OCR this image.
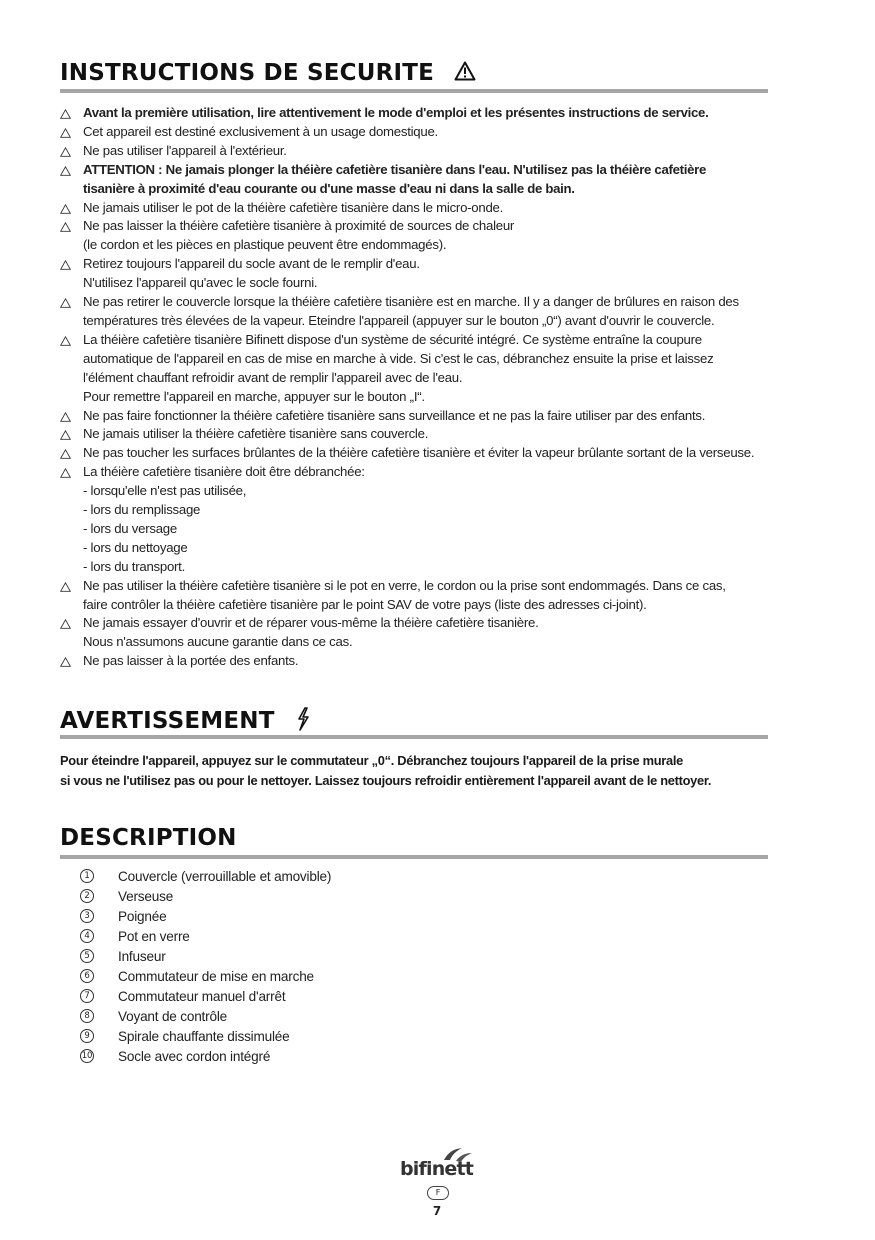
INSTRUCTIONS DE SECURITE
Avant la première utilisation, lire attentivement le mode d'emploi et les présentes instructions de service.
Cet appareil est destiné exclusivement à un usage domestique.
Ne pas utiliser l'appareil à l'extérieur.
ATTENTION : Ne jamais plonger la théière cafetière tisanière dans l'eau. N'utilisez pas la théière cafetière
tisanière à proximité d'eau courante ou d'une masse d'eau ni dans la salle de bain.
Ne jamais utiliser le pot de la théière cafetière tisanière dans le micro-onde.
Ne pas laisser la théière cafetière tisanière à proximité de sources de chaleur
(le cordon et les pièces en plastique peuvent être endommagés).
Retirez toujours l'appareil du socle avant de le remplir d'eau.
N'utilisez l'appareil qu'avec le socle fourni.
Ne pas retirer le couvercle lorsque la théière cafetière tisanière est en marche. Il y a danger de brûlures en raison des
températures très élevées de la vapeur. Eteindre l'appareil (appuyer sur le bouton „0“) avant d'ouvrir le couvercle.
La théière cafetière tisanière Bifinett dispose d'un système de sécurité intégré. Ce système entraîne la coupure
automatique de l'appareil en cas de mise en marche à vide. Si c'est le cas, débranchez ensuite la prise et laissez
l'élément chauffant refroidir avant de remplir l'appareil avec de l'eau.
Pour remettre l'appareil en marche, appuyer sur le bouton „I“.
Ne pas faire fonctionner la théière cafetière tisanière sans surveillance et ne pas la faire utiliser par des enfants.
Ne jamais utiliser la théière cafetière tisanière sans couvercle.
Ne pas toucher les surfaces brûlantes de la théière cafetière tisanière et éviter la vapeur brûlante sortant de la verseuse.
La théière cafetière tisanière doit être débranchée:
- lorsqu'elle n'est pas utilisée,
- lors du remplissage
- lors du versage
- lors du nettoyage
- lors du transport.
Ne pas utiliser la théière cafetière tisanière si le pot en verre, le cordon ou la prise sont endommagés. Dans ce cas,
faire contrôler la théière cafetière tisanière par le point SAV de votre pays (liste des adresses ci-joint).
Ne jamais essayer d'ouvrir et de réparer vous-même la théière cafetière tisanière.
Nous n'assumons aucune garantie dans ce cas.
Ne pas laisser à la portée des enfants.
AVERTISSEMENT
Pour éteindre l'appareil, appuyez sur le commutateur „0“. Débranchez toujours l'appareil de la prise murale
si vous ne l'utilisez pas ou pour le nettoyer. Laissez toujours refroidir entièrement l'appareil avant de le nettoyer.
DESCRIPTION
1 Couvercle (verrouillable et amovible)
2 Verseuse
3 Poignée
4 Pot en verre
5 Infuseur
6 Commutateur de mise en marche
7 Commutateur manuel d'arrêt
8 Voyant de contrôle
9 Spirale chauffante dissimulée
10 Socle avec cordon intégré
bifinett
F
7
